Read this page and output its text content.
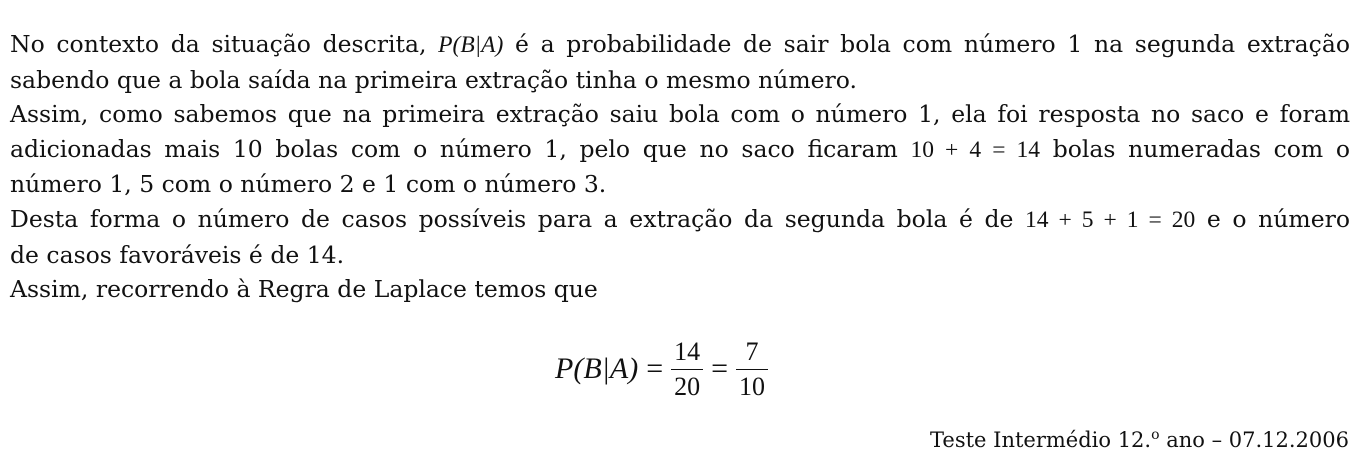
No contexto da situação descrita, P(B|A) é a probabilidade de sair bola com número 1 na segunda extração
sabendo que a bola saída na primeira extração tinha o mesmo número.
Assim, como sabemos que na primeira extração saiu bola com o número 1, ela foi resposta no saco e foram
adicionadas mais 10 bolas com o número 1, pelo que no saco ficaram 10 + 4 = 14 bolas numeradas com o
número 1, 5 com o número 2 e 1 com o número 3.
Desta forma o número de casos possíveis para a extração da segunda bola é de 14 + 5 + 1 = 20 e o número
de casos favoráveis é de 14.
Assim, recorrendo à Regra de Laplace temos que
$P(B|A) = \frac{14}{20} = \frac{7}{10}$
Teste Intermédio 12.$^o$ ano – 07.12.2006
